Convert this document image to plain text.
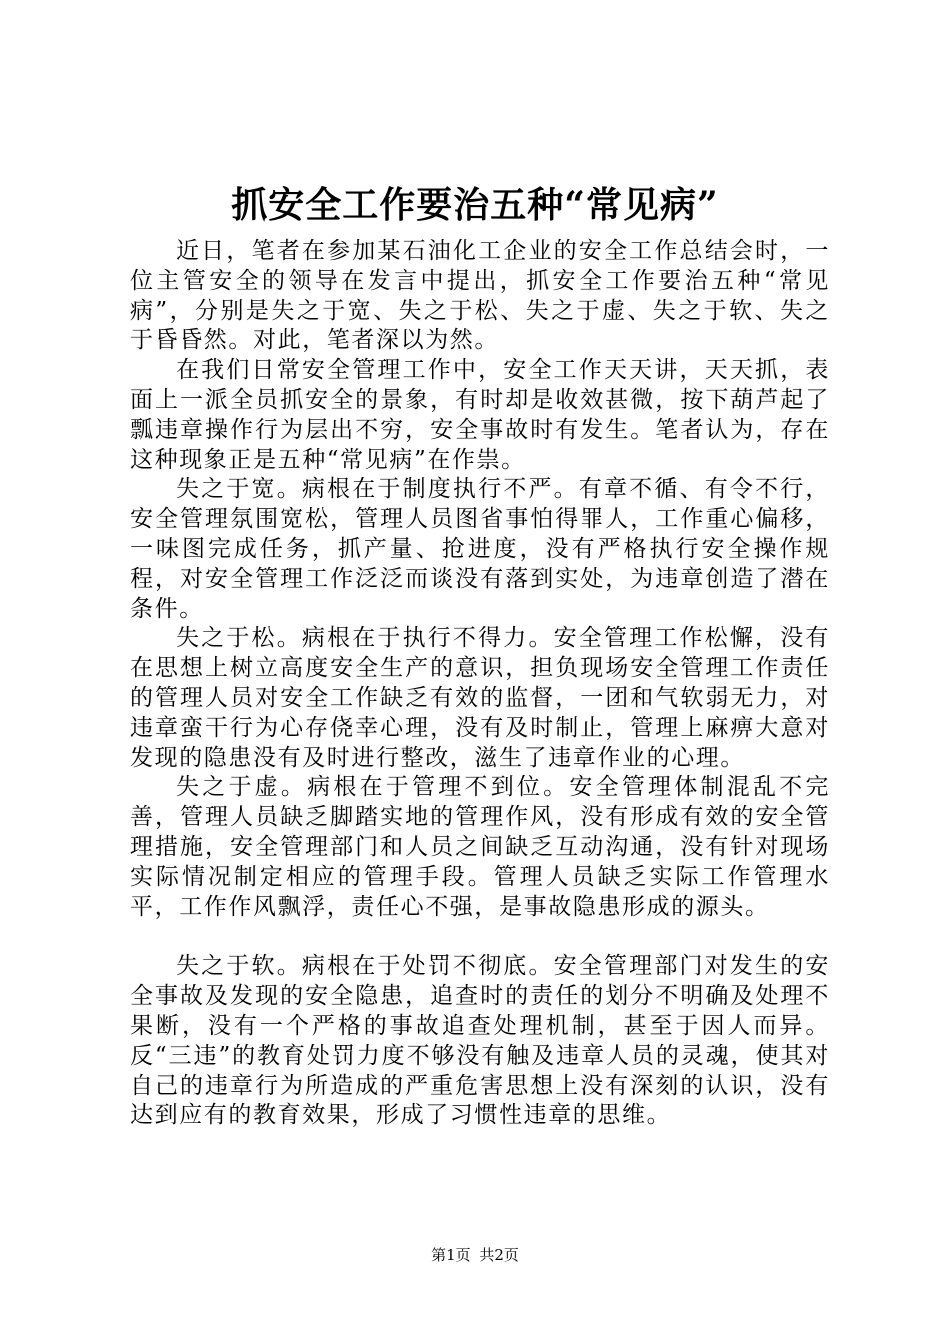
抓安全工作要治五种“常见病”

近日，笔者在参加某石油化工企业的安全工作总结会时，一位主管安全的领导在发言中提出，抓安全工作要治五种“常见病”，分别是失之于宽、失之于松、失之于虚、失之于软、失之于昏昏然。对此，笔者深以为然。

在我们日常安全管理工作中，安全工作天天讲，天天抓，表面上一派全员抓安全的景象，有时却是收效甚微，按下葫芦起了瓢违章操作行为层出不穷，安全事故时有发生。笔者认为，存在这种现象正是五种“常见病”在作祟。

失之于宽。病根在于制度执行不严。有章不循、有令不行，安全管理氛围宽松，管理人员图省事怕得罪人，工作重心偏移，一味图完成任务，抓产量、抢进度，没有严格执行安全操作规程，对安全管理工作泛泛而谈没有落到实处，为违章创造了潜在条件。

失之于松。病根在于执行不得力。安全管理工作松懈，没有在思想上树立高度安全生产的意识，担负现场安全管理工作责任的管理人员对安全工作缺乏有效的监督，一团和气软弱无力，对违章蛮干行为心存侥幸心理，没有及时制止，管理上麻痹大意对发现的隐患没有及时进行整改，滋生了违章作业的心理。

失之于虚。病根在于管理不到位。安全管理体制混乱不完善，管理人员缺乏脚踏实地的管理作风，没有形成有效的安全管理措施，安全管理部门和人员之间缺乏互动沟通，没有针对现场实际情况制定相应的管理手段。管理人员缺乏实际工作管理水平，工作作风飘浮，责任心不强，是事故隐患形成的源头。

失之于软。病根在于处罚不彻底。安全管理部门对发生的安全事故及发现的安全隐患，追查时的责任的划分不明确及处理不果断，没有一个严格的事故追查处理机制，甚至于因人而异。反“三违”的教育处罚力度不够没有触及违章人员的灵魂，使其对自己的违章行为所造成的严重危害思想上没有深刻的认识，没有达到应有的教育效果，形成了习惯性违章的思维。

第1页 共2页
